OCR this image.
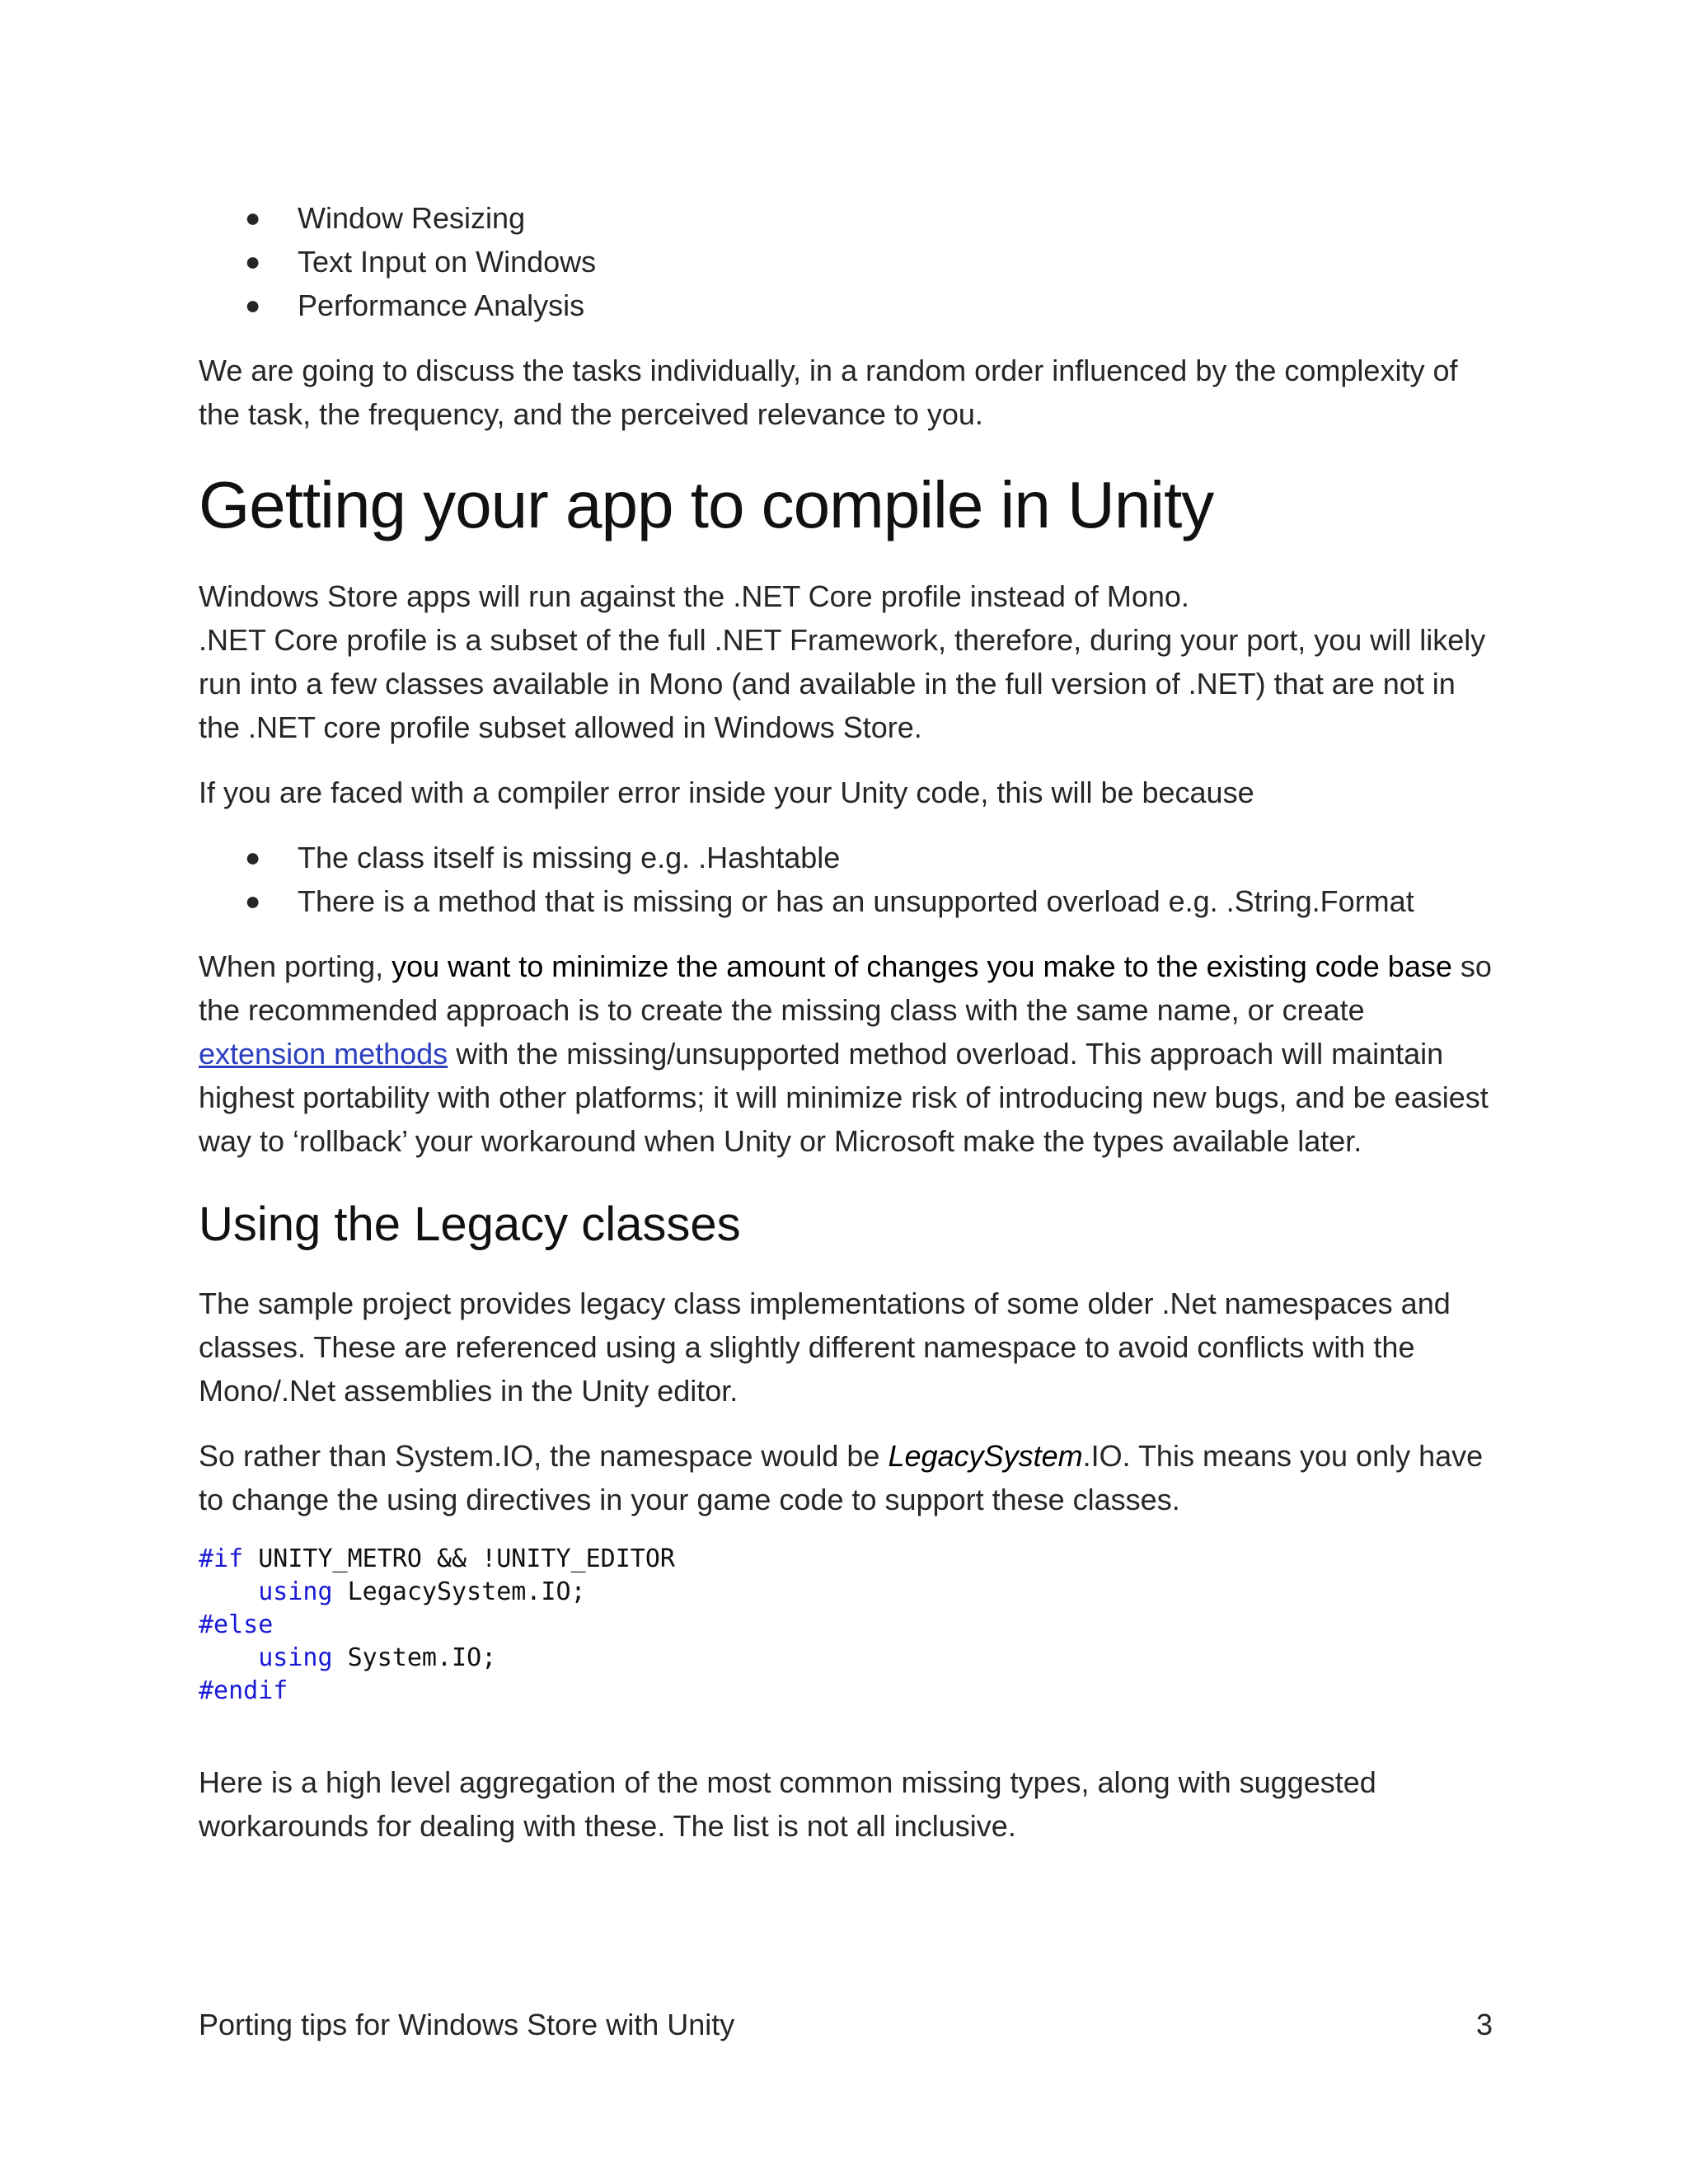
● Window Resizing
● Text Input on Windows
● Performance Analysis

We are going to discuss the tasks individually, in a random order influenced by the complexity of the task, the frequency, and the perceived relevance to you.

Getting your app to compile in Unity

Windows Store apps will run against the .NET Core profile instead of Mono.
.NET Core profile is a subset of the full .NET Framework, therefore, during your port, you will likely run into a few classes available in Mono (and available in the full version of .NET) that are not in the .NET core profile subset allowed in Windows Store.

If you are faced with a compiler error inside your Unity code, this will be because

● The class itself is missing e.g. .Hashtable
● There is a method that is missing or has an unsupported overload e.g. .String.Format

When porting, you want to minimize the amount of changes you make to the existing code base so the recommended approach is to create the missing class with the same name, or create extension methods with the missing/unsupported method overload. This approach will maintain highest portability with other platforms; it will minimize risk of introducing new bugs, and be easiest way to ‘rollback’ your workaround when Unity or Microsoft make the types available later.

Using the Legacy classes

The sample project provides legacy class implementations of some older .Net namespaces and classes. These are referenced using a slightly different namespace to avoid conflicts with the Mono/.Net assemblies in the Unity editor.

So rather than System.IO, the namespace would be LegacySystem.IO. This means you only have to change the using directives in your game code to support these classes.

#if UNITY_METRO && !UNITY_EDITOR
using LegacySystem.IO;
#else
using System.IO;
#endif

Here is a high level aggregation of the most common missing types, along with suggested workarounds for dealing with these. The list is not all inclusive.

Porting tips for Windows Store with Unity	3
